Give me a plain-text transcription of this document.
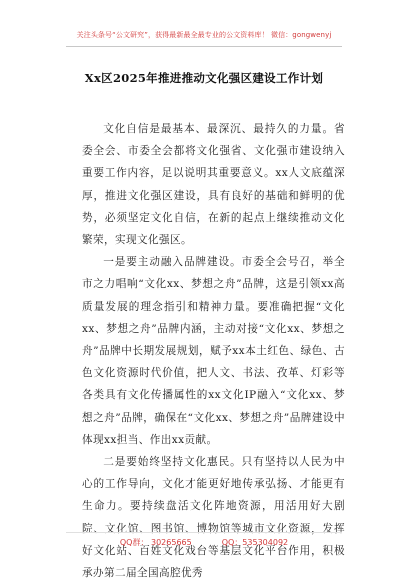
关注头条号“公文研究”，获得最新最全最专业的公文资料库！ 微信：gongwenyj
Xx区2025年推进推动文化强区建设工作计划

文化自信是最基本、最深沉、最持久的力量。省委全会、市委全会都将文化强省、文化强市建设纳入重要工作内容，足以说明其重要意义。xx人文底蕴深厚，推进文化强区建设，具有良好的基础和鲜明的优势，必须坚定文化自信，在新的起点上继续推动文化繁荣，实现文化强区。

一是要主动融入品牌建设。市委全会号召，举全市之力唱响“文化xx、梦想之舟”品牌，这是引领xx高质量发展的理念指引和精神力量。要准确把握“文化xx、梦想之舟”品牌内涵，主动对接“文化xx、梦想之舟”品牌中长期发展规划，赋予xx本土红色、绿色、古色文化资源时代价值，把人文、书法、孜革、灯彩等各类具有文化传播属性的xx文化IP融入“文化xx、梦想之舟”品牌，确保在“文化xx、梦想之舟”品牌建设中体现xx担当、作出xx贡献。

二是要始终坚持文化惠民。只有坚持以人民为中心的工作导向，文化才能更好地传承弘扬、才能更有生命力。要持续盘活文化阵地资源，用活用好大剧院、文化馆、图书馆、博物馆等城市文化资源，发挥好文化站、百姓文化戏台等基层文化平台作用，积极承办第二届全国高腔优秀

QQ群： 30265665	QQ：535304092
